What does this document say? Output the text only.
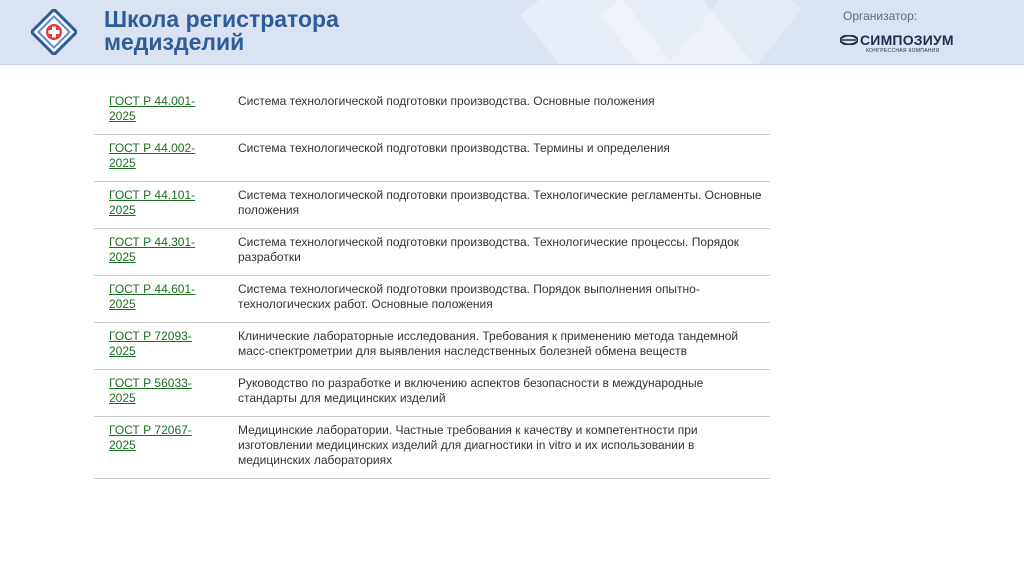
Школа регистратора
медизделий
Организатор:
СИМПОЗИУМ
КОНГРЕССНАЯ КОМПАНИЯ
ГОСТ Р 44.001-
2025	Система технологической подготовки производства. Основные положения
ГОСТ Р 44.002-
2025	Система технологической подготовки производства. Термины и определения
ГОСТ Р 44.101-
2025	Система технологической подготовки производства. Технологические регламенты. Основные положения
ГОСТ Р 44.301-
2025	Система технологической подготовки производства. Технологические процессы. Порядок разработки
ГОСТ Р 44.601-
2025	Система технологической подготовки производства. Порядок выполнения опытно-технологических работ. Основные положения
ГОСТ Р 72093-
2025	Клинические лабораторные исследования. Требования к применению метода тандемной масс-спектрометрии для выявления наследственных болезней обмена веществ
ГОСТ Р 56033-
2025	Руководство по разработке и включению аспектов безопасности в международные стандарты для медицинских изделий
ГОСТ Р 72067-
2025	Медицинские лаборатории. Частные требования к качеству и компетентности при изготовлении медицинских изделий для диагностики in vitro и их использовании в медицинских лабораториях
